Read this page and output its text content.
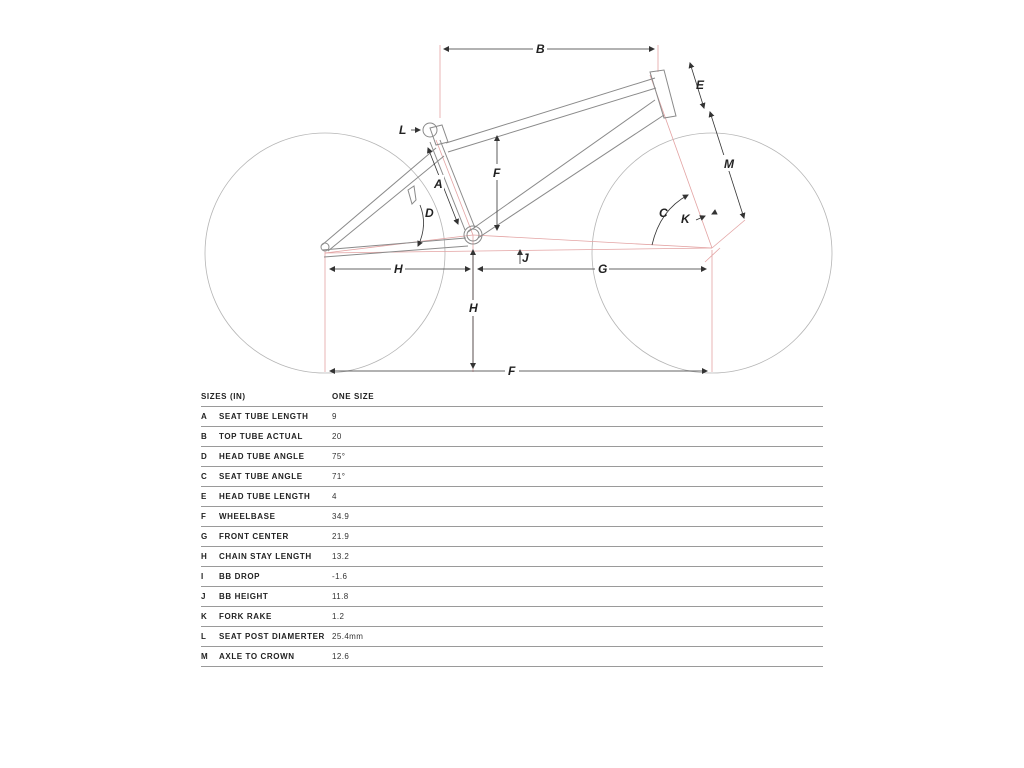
B
E
L
A
F
M
D	C K
J
H	G
H
F
SIZES (IN)	ONE SIZE
A	SEAT TUBE LENGTH	9
B	TOP TUBE ACTUAL	20
D	HEAD TUBE ANGLE	75°
C	SEAT TUBE ANGLE	71°
E	HEAD TUBE LENGTH	4
F	WHEELBASE	34.9
G	FRONT CENTER	21.9
H	CHAIN STAY LENGTH	13.2
I	BB DROP	-1.6
J	BB HEIGHT	11.8
K	FORK RAKE	1.2
L	SEAT POST DIAMERTER 25.4mm
M	AXLE TO CROWN	12.6
